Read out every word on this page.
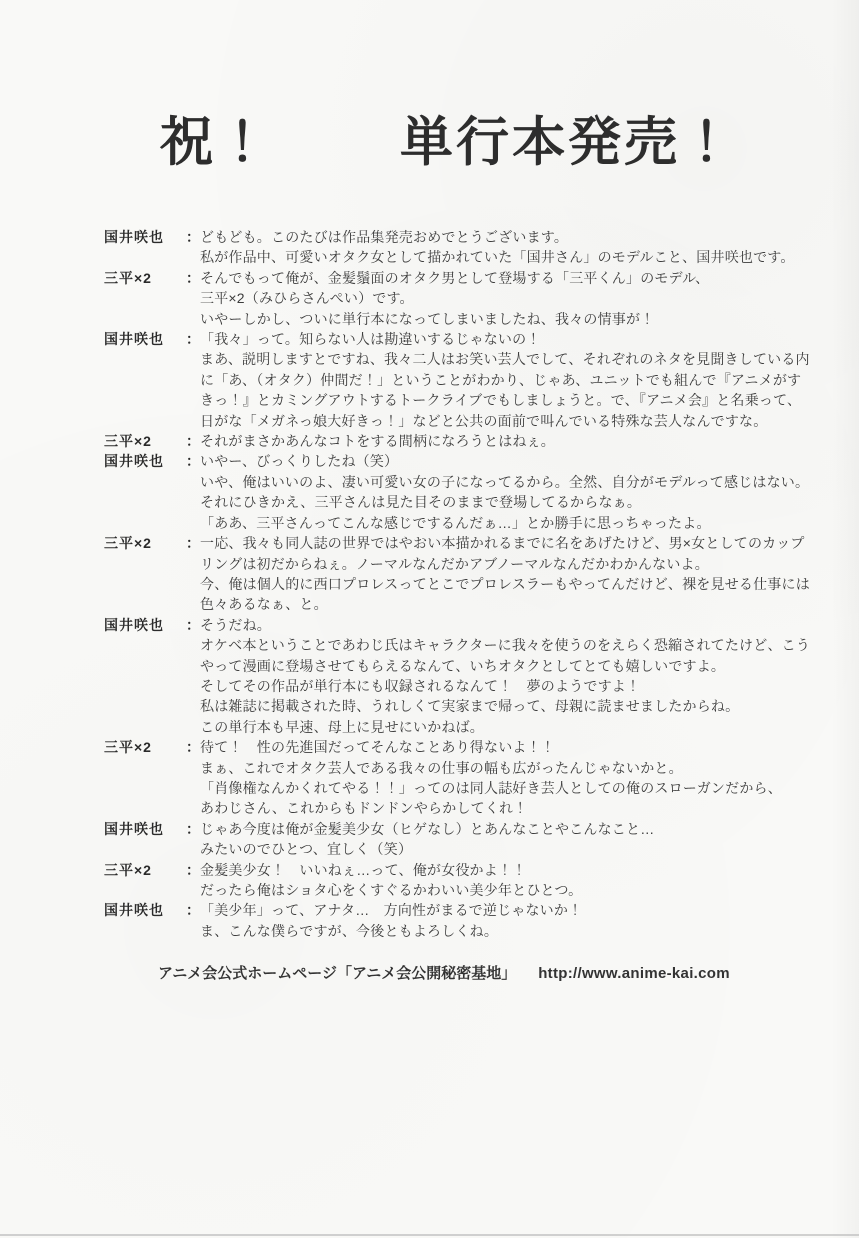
祝！ 単行本発売！
国井咲也	： どもども。このたびは作品集発売おめでとうございます。
私が作品中、可愛いオタク女として描かれていた「国井さん」のモデルこと、国井咲也です。
三平×2	： そんでもって俺が、金髪鬚面のオタク男として登場する「三平くん」のモデル、
三平×2（みひらさんぺい）です。
いやーしかし、ついに単行本になってしまいましたね、我々の情事が！
国井咲也	： 「我々」って。知らない人は勘違いするじゃないの！
まあ、説明しますとですね、我々二人はお笑い芸人でして、それぞれのネタを見聞きしている内
に「あ、（オタク）仲間だ！」ということがわかり、じゃあ、ユニットでも組んで『アニメがす
きっ！』とカミングアウトするトークライブでもしましょうと。で、『アニメ会』と名乗って、
日がな「メガネっ娘大好きっ！」などと公共の面前で叫んでいる特殊な芸人なんですな。
三平×2	： それがまさかあんなコトをする間柄になろうとはねぇ。
国井咲也	： いやー、びっくりしたね（笑）
いや、俺はいいのよ、凄い可愛い女の子になってるから。全然、自分がモデルって感じはない。
それにひきかえ、三平さんは見た目そのままで登場してるからなぁ。
「ああ、三平さんってこんな感じでするんだぁ…」とか勝手に思っちゃったよ。
三平×2	： 一応、我々も同人誌の世界ではやおい本描かれるまでに名をあげたけど、男×女としてのカップ
リングは初だからねぇ。ノーマルなんだかアブノーマルなんだかわかんないよ。
今、俺は個人的に西口プロレスってとこでプロレスラーもやってんだけど、裸を見せる仕事には
色々あるなぁ、と。
国井咲也	： そうだね。
オケベ本ということであわじ氏はキャラクターに我々を使うのをえらく恐縮されてたけど、こう
やって漫画に登場させてもらえるなんて、いちオタクとしてとても嬉しいですよ。
そしてその作品が単行本にも収録されるなんて！　夢のようですよ！
私は雑誌に掲載された時、うれしくて実家まで帰って、母親に読ませましたからね。
この単行本も早速、母上に見せにいかねば。
三平×2	： 待て！　性の先進国だってそんなことあり得ないよ！！
まぁ、これでオタク芸人である我々の仕事の幅も広がったんじゃないかと。
「肖像権なんかくれてやる！！」ってのは同人誌好き芸人としての俺のスローガンだから、
あわじさん、これからもドンドンやらかしてくれ！
国井咲也	： じゃあ今度は俺が金髪美少女（ヒゲなし）とあんなことやこんなこと…
みたいのでひとつ、宜しく（笑）
三平×2	： 金髪美少女！　いいねぇ…って、俺が女役かよ！！
だったら俺はショタ心をくすぐるかわいい美少年とひとつ。
国井咲也	： 「美少年」って、アナタ…　方向性がまるで逆じゃないか！
ま、こんな僕らですが、今後ともよろしくね。
アニメ会公式ホームページ「アニメ会公開秘密基地」 http://www.anime-kai.com
